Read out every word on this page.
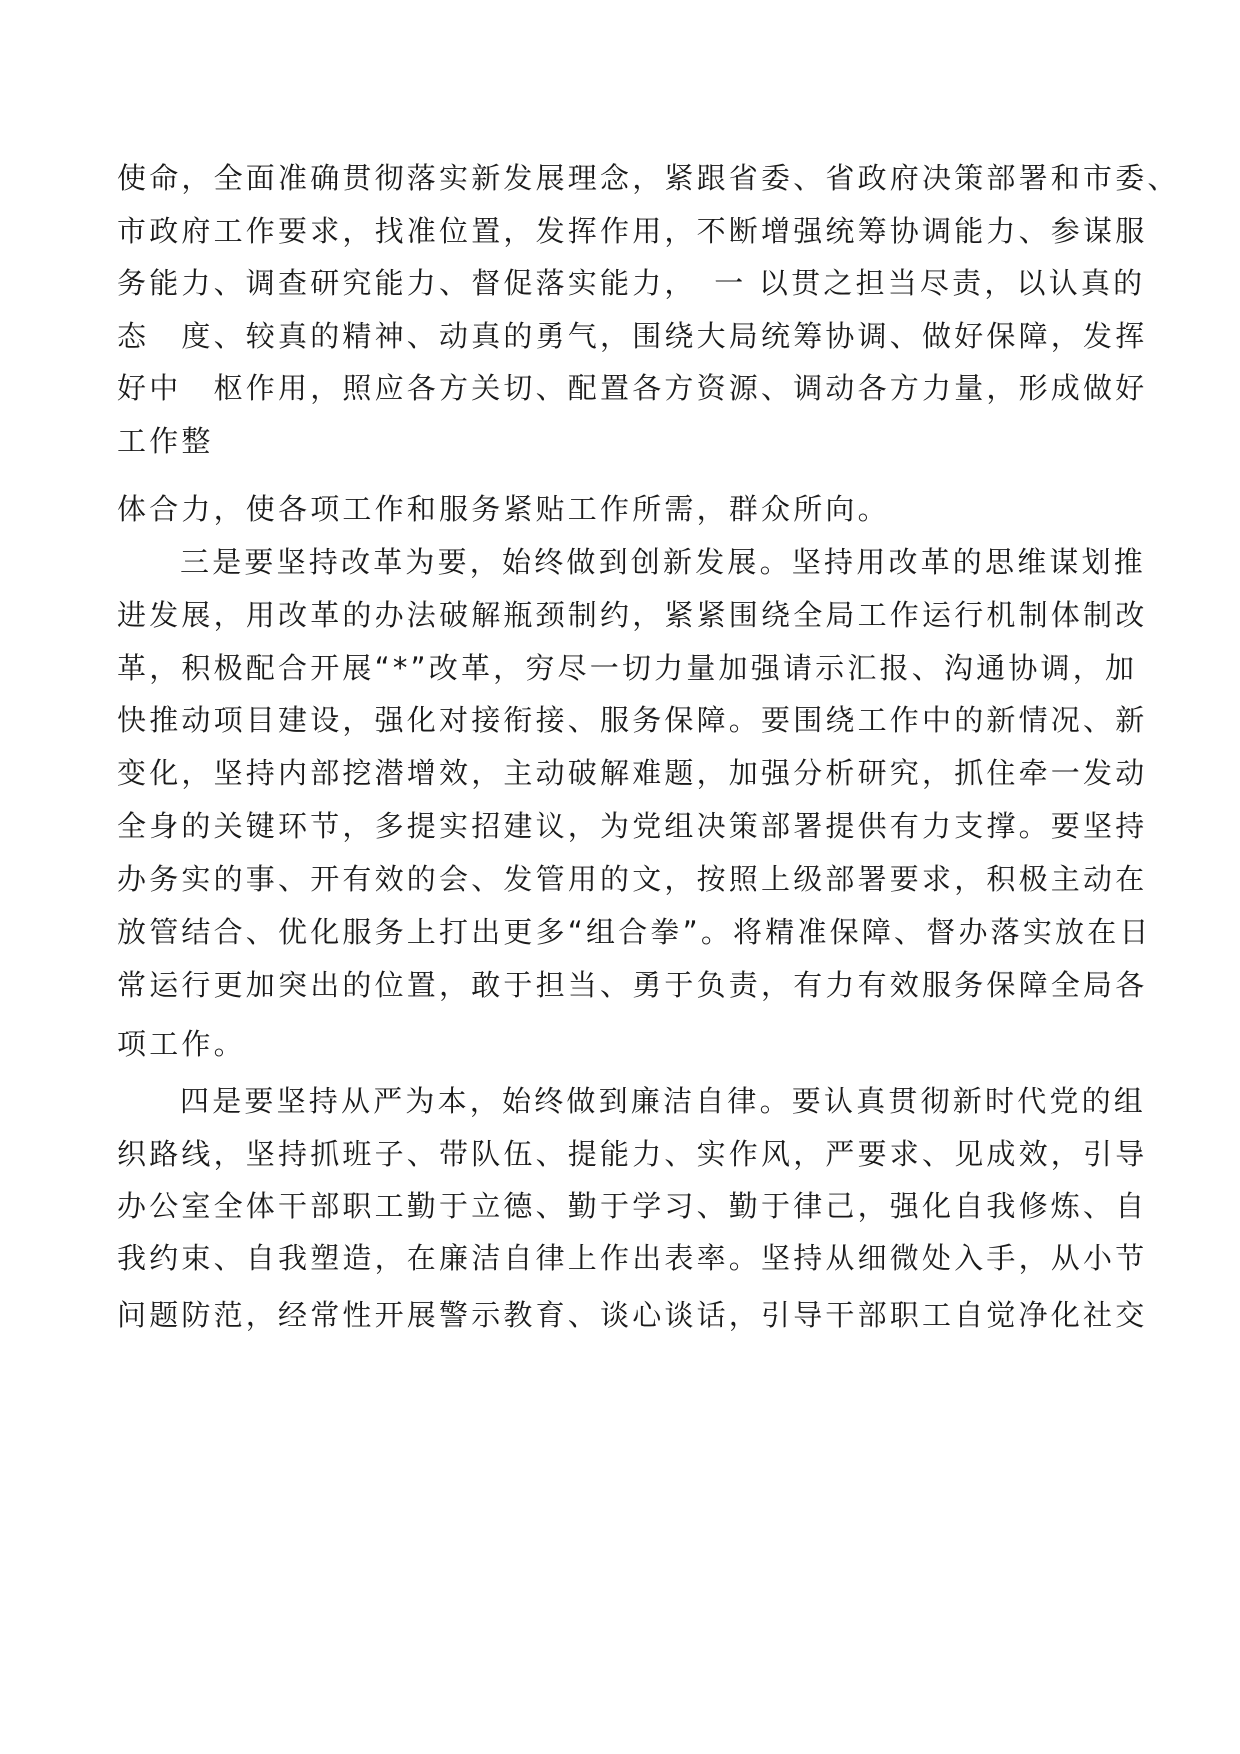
使命，全面准确贯彻落实新发展理念，紧跟省委、省政府决策部署和市委、
市政府工作要求，找准位置，发挥作用，不断增强统筹协调能力、参谋服
务能力、调查研究能力、督促落实能力，　一 以贯之担当尽责，以认真的
态　度、较真的精神、动真的勇气，围绕大局统筹协调、做好保障，发挥
好中　枢作用，照应各方关切、配置各方资源、调动各方力量，形成做好
工作整
体合力，使各项工作和服务紧贴工作所需，群众所向。
三是要坚持改革为要，始终做到创新发展。坚持用改革的思维谋划推
进发展，用改革的办法破解瓶颈制约，紧紧围绕全局工作运行机制体制改
革，积极配合开展“*”改革，穷尽一切力量加强请示汇报、沟通协调，加
快推动项目建设，强化对接衔接、服务保障。要围绕工作中的新情况、新
变化，坚持内部挖潜增效，主动破解难题，加强分析研究，抓住牵一发动
全身的关键环节，多提实招建议，为党组决策部署提供有力支撑。要坚持
办务实的事、开有效的会、发管用的文，按照上级部署要求，积极主动在
放管结合、优化服务上打出更多“组合拳”。将精准保障、督办落实放在日
常运行更加突出的位置，敢于担当、勇于负责，有力有效服务保障全局各
项工作。
四是要坚持从严为本，始终做到廉洁自律。要认真贯彻新时代党的组
织路线，坚持抓班子、带队伍、提能力、实作风，严要求、见成效，引导
办公室全体干部职工勤于立德、勤于学习、勤于律己，强化自我修炼、自
我约束、自我塑造，在廉洁自律上作出表率。坚持从细微处入手，从小节
问题防范，经常性开展警示教育、谈心谈话，引导干部职工自觉净化社交
